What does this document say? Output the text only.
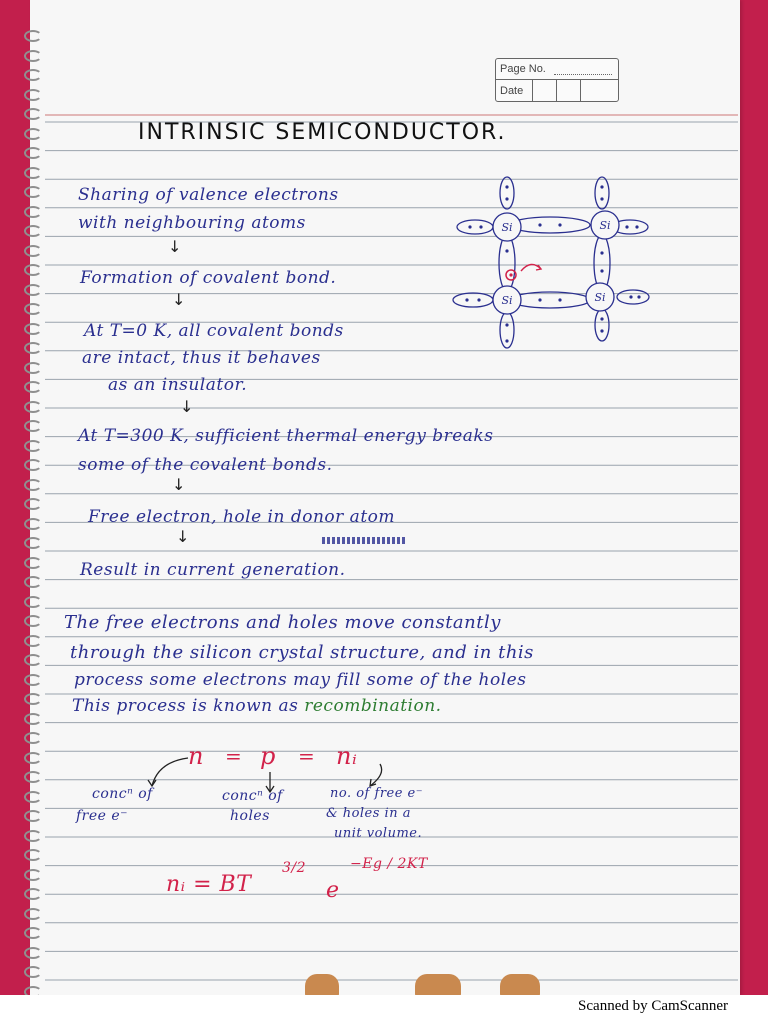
Page No.
Date
INTRINSIC SEMICONDUCTOR.
Sharing of valence electrons
with neighbouring atoms
↓
Formation of covalent bond.
↓
At T=0 K, all covalent bonds
are intact, thus it behaves
as an insulator.
↓
At T=300 K, sufficient thermal energy breaks
some of the covalent bonds.
↓
Free electron, hole in donor atom
↓
Result in current generation.
Si	Si
Si	Si
The free electrons and holes move constantly
through the silicon crystal structure, and in this
process some electrons may fill some of the holes
This process is known as recombination.
n = p = nᵢ
concⁿ of
free e⁻
concⁿ of
holes
no. of free e⁻
& holes in a
unit volume.
nᵢ = BT
3/2
e
−Eg / 2KT
Scanned by CamScanner
